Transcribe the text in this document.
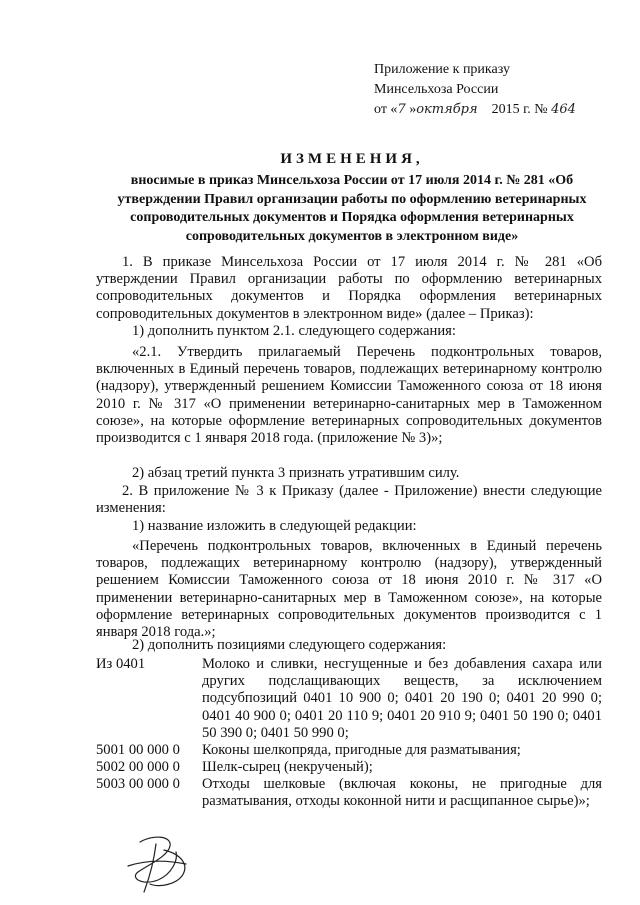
Приложение к приказу
Минсельхоза России
от «7 »октября 2015 г. № 464
ИЗМЕНЕНИЯ,
вносимые в приказ Минсельхоза России от 17 июля 2014 г. № 281 «Об утверждении Правил организации работы по оформлению ветеринарных сопроводительных документов и Порядка оформления ветеринарных сопроводительных документов в электронном виде»
1. В приказе Минсельхоза России от 17 июля 2014 г. № 281 «Об утверждении Правил организации работы по оформлению ветеринарных сопроводительных документов и Порядка оформления ветеринарных сопроводительных документов в электронном виде» (далее – Приказ):
1) дополнить пунктом 2.1. следующего содержания:
«2.1. Утвердить прилагаемый Перечень подконтрольных товаров, включенных в Единый перечень товаров, подлежащих ветеринарному контролю (надзору), утвержденный решением Комиссии Таможенного союза от 18 июня 2010 г. № 317 «О применении ветеринарно-санитарных мер в Таможенном союзе», на которые оформление ветеринарных сопроводительных документов производится с 1 января 2018 года. (приложение № 3)»;
2) абзац третий пункта 3 признать утратившим силу.
2. В приложение № 3 к Приказу (далее - Приложение) внести следующие изменения:
1) название изложить в следующей редакции:
«Перечень подконтрольных товаров, включенных в Единый перечень товаров, подлежащих ветеринарному контролю (надзору), утвержденный решением Комиссии Таможенного союза от 18 июня 2010 г. № 317 «О применении ветеринарно-санитарных мер в Таможенном союзе», на которые оформление ветеринарных сопроводительных документов производится с 1 января 2018 года.»;
2) дополнить позициями следующего содержания:
Из 0401	Молоко и сливки, несгущенные и без добавления сахара или других подслащивающих веществ, за исключением подсубпозиций 0401 10 900 0; 0401 20 190 0; 0401 20 990 0; 0401 40 900 0; 0401 20 110 9; 0401 20 910 9; 0401 50 190 0; 0401 50 390 0; 0401 50 990 0;
5001 00 000 0 Коконы шелкопряда, пригодные для разматывания;
5002 00 000 0 Шелк-сырец (некрученый);
5003 00 000 0 Отходы шелковые (включая коконы, не пригодные для разматывания, отходы коконной нити и расщипанное сырье)»;
